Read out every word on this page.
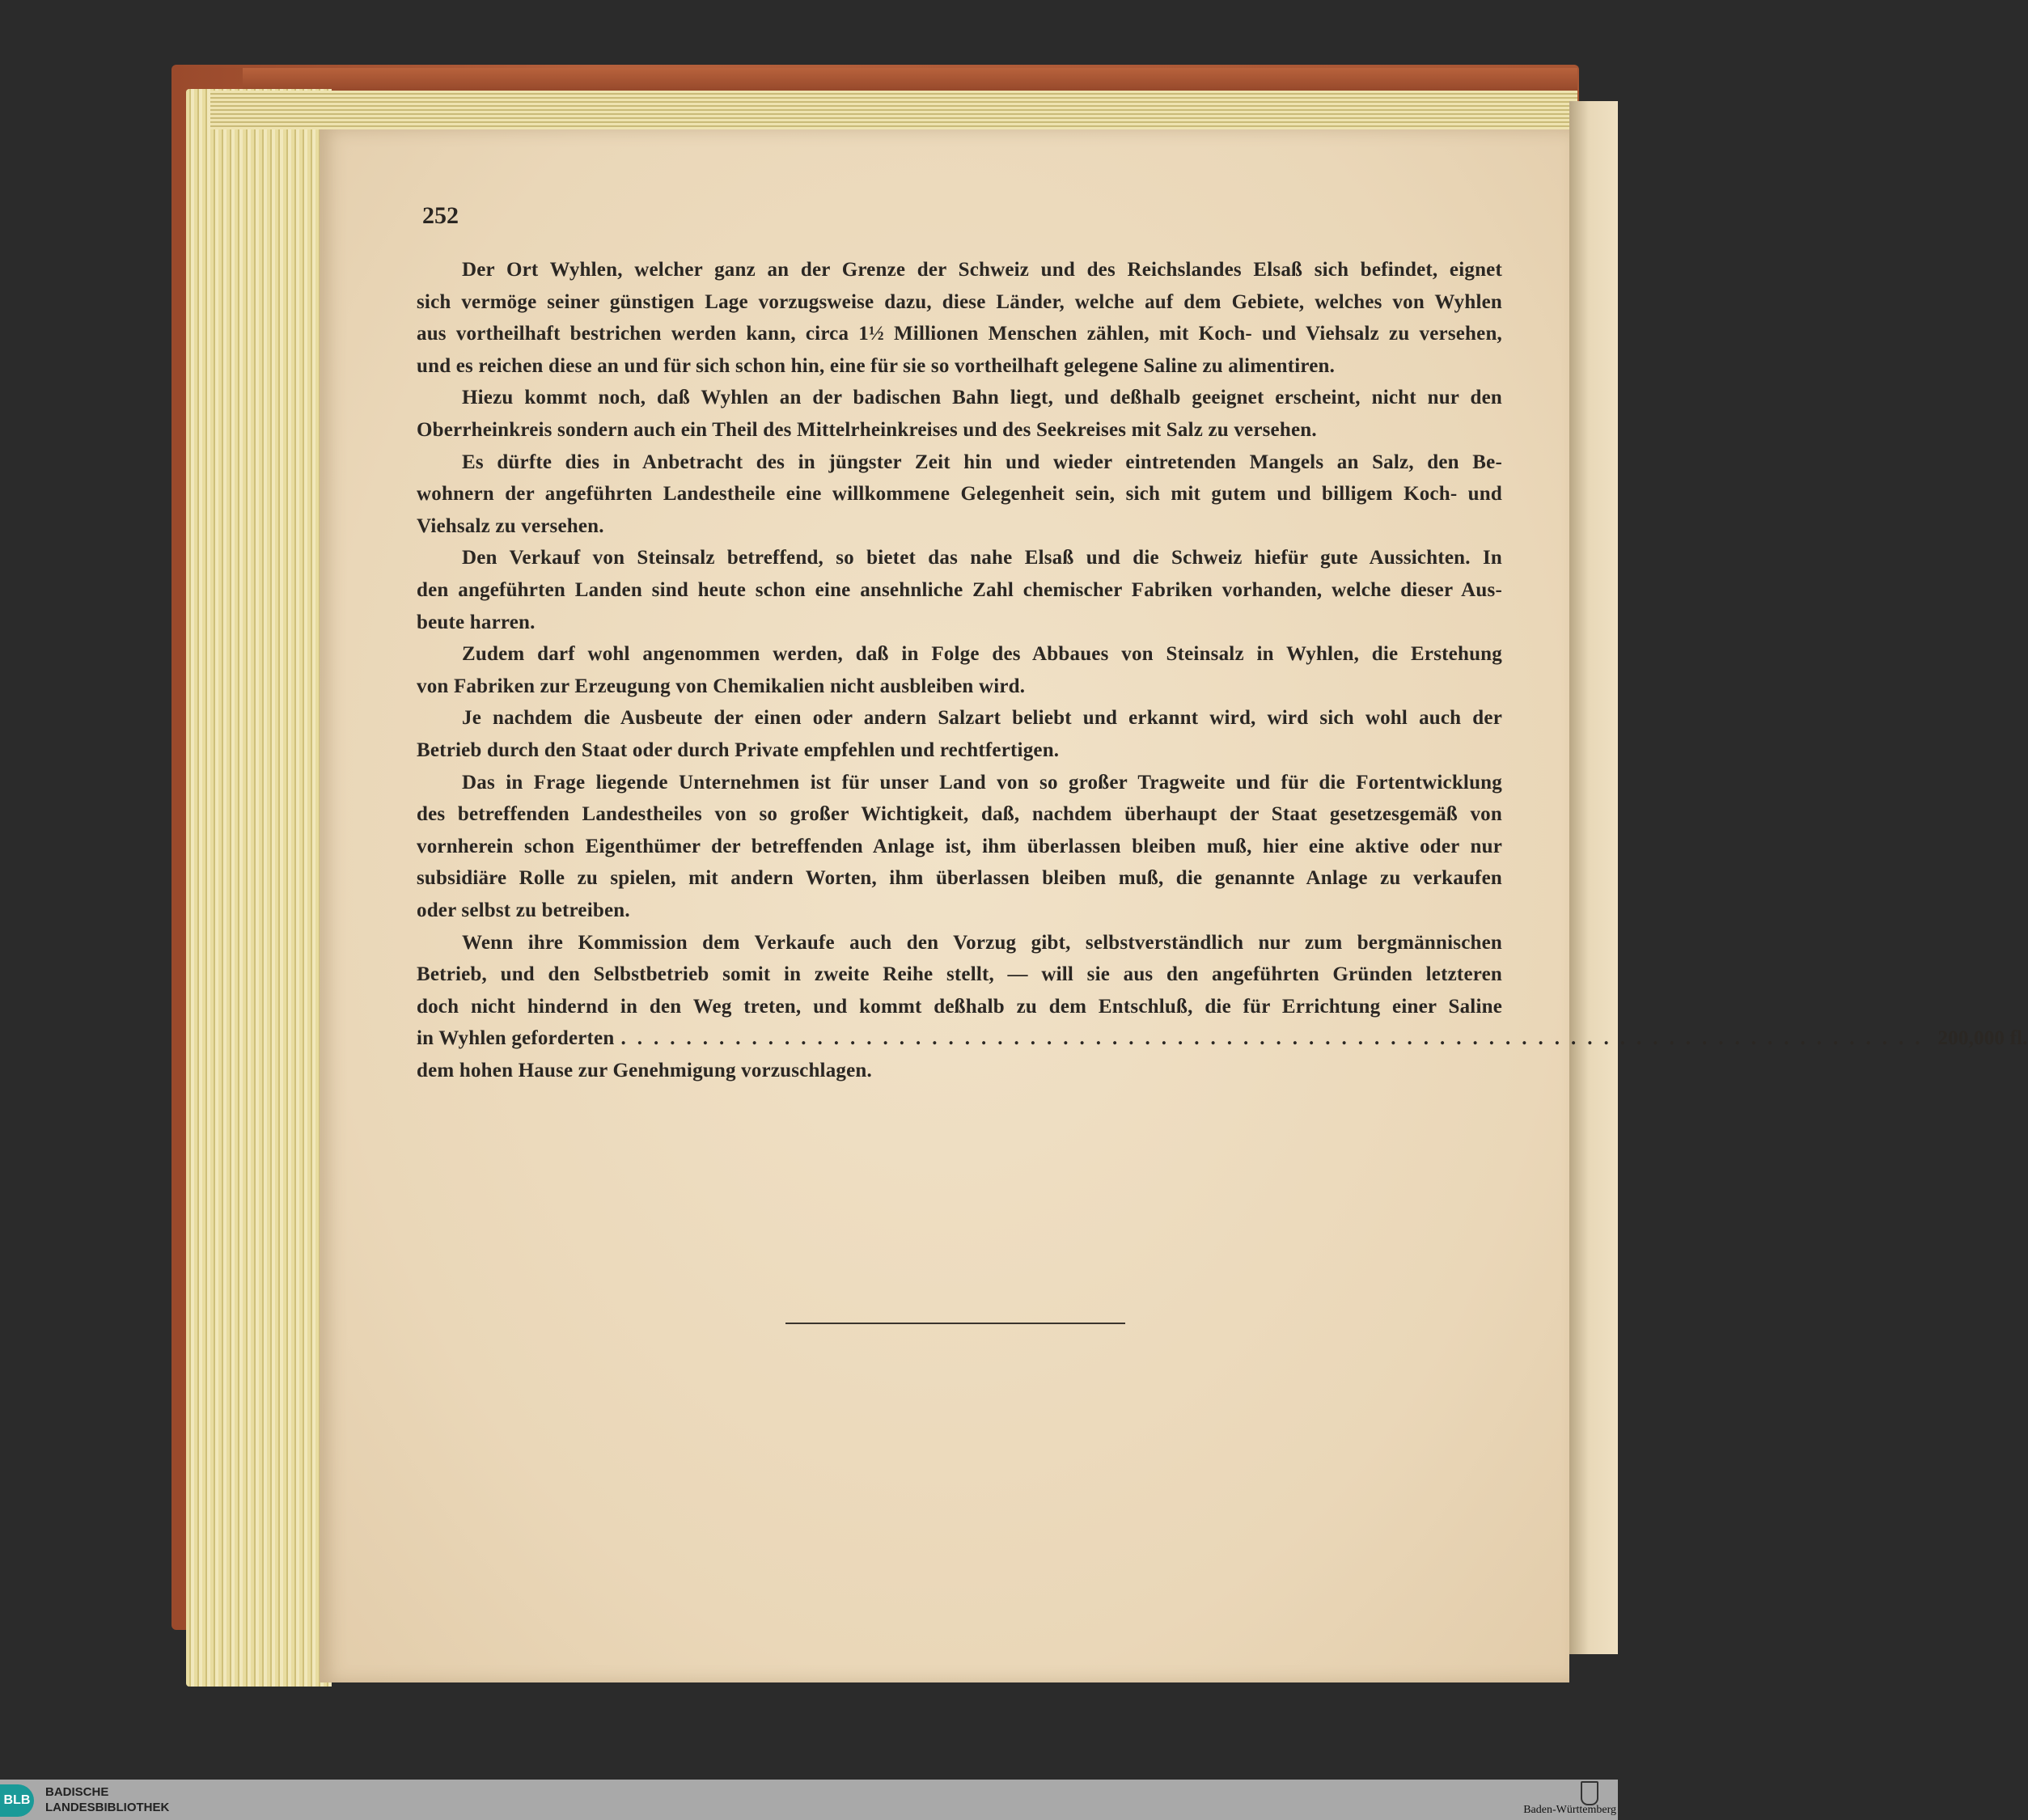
252
Der Ort Wyhlen, welcher ganz an der Grenze der Schweiz und des Reichslandes Elsaß sich befindet, eignet
sich vermöge seiner günstigen Lage vorzugsweise dazu, diese Länder, welche auf dem Gebiete, welches von Wyhlen
aus vortheilhaft bestrichen werden kann, circa 1½ Millionen Menschen zählen, mit Koch- und Viehsalz zu versehen,
und es reichen diese an und für sich schon hin, eine für sie so vortheilhaft gelegene Saline zu alimentiren.
Hiezu kommt noch, daß Wyhlen an der badischen Bahn liegt, und deßhalb geeignet erscheint, nicht nur den
Oberrheinkreis sondern auch ein Theil des Mittelrheinkreises und des Seekreises mit Salz zu versehen.
Es dürfte dies in Anbetracht des in jüngster Zeit hin und wieder eintretenden Mangels an Salz, den Be-
wohnern der angeführten Landestheile eine willkommene Gelegenheit sein, sich mit gutem und billigem Koch- und
Viehsalz zu versehen.
Den Verkauf von Steinsalz betreffend, so bietet das nahe Elsaß und die Schweiz hiefür gute Aussichten. In
den angeführten Landen sind heute schon eine ansehnliche Zahl chemischer Fabriken vorhanden, welche dieser Aus-
beute harren.
Zudem darf wohl angenommen werden, daß in Folge des Abbaues von Steinsalz in Wyhlen, die Erstehung
von Fabriken zur Erzeugung von Chemikalien nicht ausbleiben wird.
Je nachdem die Ausbeute der einen oder andern Salzart beliebt und erkannt wird, wird sich wohl auch der
Betrieb durch den Staat oder durch Private empfehlen und rechtfertigen.
Das in Frage liegende Unternehmen ist für unser Land von so großer Tragweite und für die Fortentwicklung
des betreffenden Landestheiles von so großer Wichtigkeit, daß, nachdem überhaupt der Staat gesetzesgemäß von
vornherein schon Eigenthümer der betreffenden Anlage ist, ihm überlassen bleiben muß, hier eine aktive oder nur
subsidiäre Rolle zu spielen, mit andern Worten, ihm überlassen bleiben muß, die genannte Anlage zu verkaufen
oder selbst zu betreiben.
Wenn ihre Kommission dem Verkaufe auch den Vorzug gibt, selbstverständlich nur zum bergmännischen
Betrieb, und den Selbstbetrieb somit in zweite Reihe stellt, — will sie aus den angeführten Gründen letzteren
doch nicht hindernd in den Weg treten, und kommt deßhalb zu dem Entschluß, die für Errichtung einer Saline
in Wyhlen geforderten ................................................................................ 200,000 fl.
dem hohen Hause zur Genehmigung vorzuschlagen.
BLB
BADISCHE
LANDESBIBLIOTHEK	Baden-Württemberg
